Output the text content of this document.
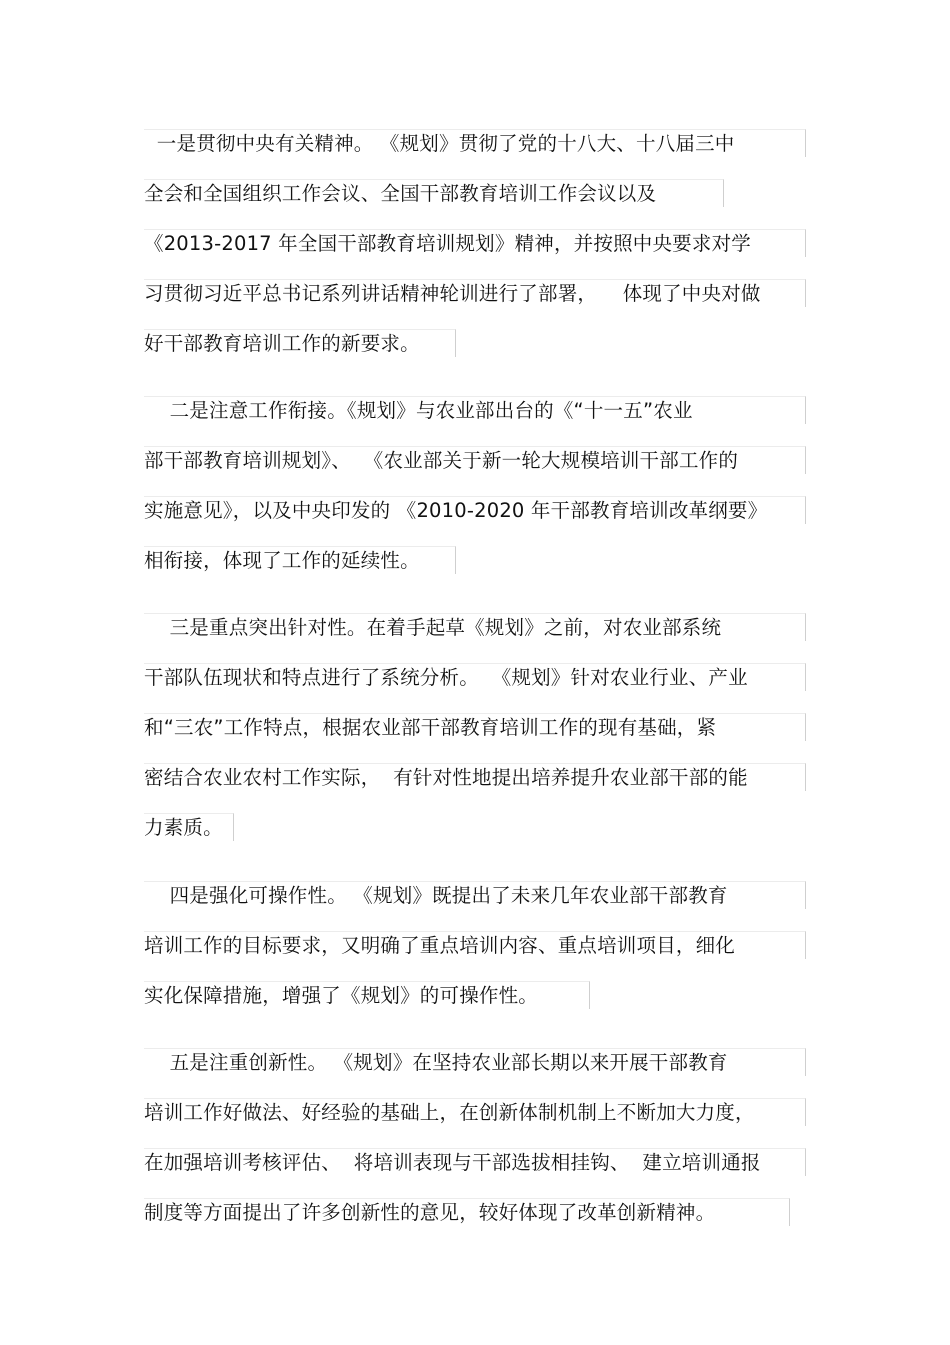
一是贯彻中央有关精神。 《规划》贯彻了党的十八大、十八届三中
全会和全国组织工作会议、全国干部教育培训工作会议以及
《2013-2017 年全国干部教育培训规划》精神，并按照中央要求对学
习贯彻习近平总书记系列讲话精神轮训进行了部署，    体现了中央对做
好干部教育培训工作的新要求。
二是注意工作衔接。《规划》与农业部出台的《“十一五”农业
部干部教育培训规划》、  《农业部关于新一轮大规模培训干部工作的
实施意见》，以及中央印发的 《2010-2020 年干部教育培训改革纲要》
相衔接，体现了工作的延续性。
三是重点突出针对性。在着手起草《规划》之前，对农业部系统
干部队伍现状和特点进行了系统分析。  《规划》针对农业行业、产业
和“三农”工作特点，根据农业部干部教育培训工作的现有基础，紧
密结合农业农村工作实际，  有针对性地提出培养提升农业部干部的能
力素质。
四是强化可操作性。 《规划》既提出了未来几年农业部干部教育
培训工作的目标要求，又明确了重点培训内容、重点培训项目，细化
实化保障措施，增强了《规划》的可操作性。
五是注重创新性。 《规划》在坚持农业部长期以来开展干部教育
培训工作好做法、好经验的基础上，在创新体制机制上不断加大力度，
在加强培训考核评估、  将培训表现与干部选拔相挂钩、  建立培训通报
制度等方面提出了许多创新性的意见，较好体现了改革创新精神。
